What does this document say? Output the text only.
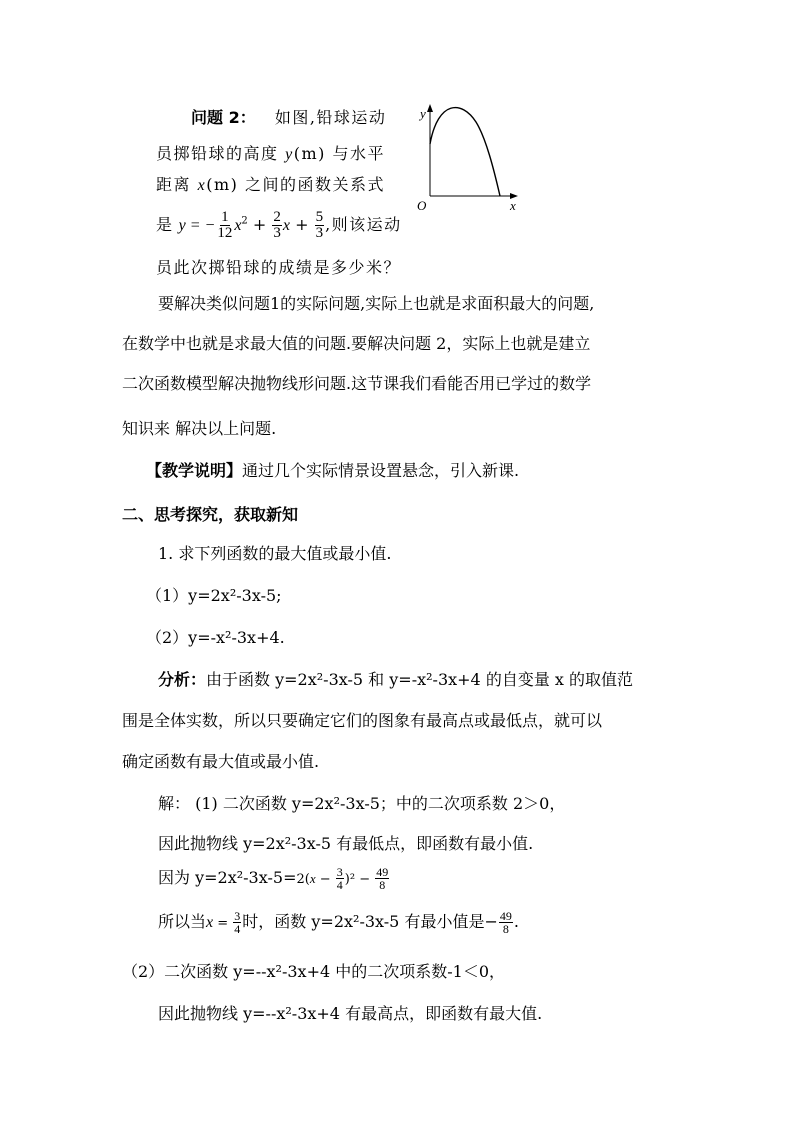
问题 2： 如图,铅球运动
员掷铅球的高度 y(m) 与水平
距离 x(m) 之间的函数关系式
是 y = − $\frac{1}{12} x^2 + \frac{2}{3}$ $x + \frac{5}{3}$ ,则该运动
员此次掷铅球的成绩是多少米？
y
x
O
要解决类似问题1的实际问题,实际上也就是求面积最大的问题,
在数学中也就是求最大值的问题.要解决问题 2，实际上也就是建立
二次函数模型解决抛物线形问题.这节课我们看能否用已学过的数学
知识来 解决以上问题.
【教学说明】通过几个实际情景设置悬念，引入新课.
二、思考探究，获取新知
1. 求下列函数的最大值或最小值.
（1）y=2x²-3x-5;
（2）y=-x²-3x+4.
分析：由于函数 y=2x²-3x-5 和 y=-x²-3x+4 的自变量 x 的取值范
围是全体实数，所以只要确定它们的图象有最高点或最低点，就可以
确定函数有最大值或最小值.
解： (1) 二次函数 y=2x²-3x-5；中的二次项系数 2＞0，
因此抛物线 y=2x²-3x-5 有最低点，即函数有最小值.
因为 $y=2x^2-3x-5=2(x - \frac{3}{4} )^2 - \frac{49}{8}$
所以当$x = \frac{3}{4}$ 时，函数 y=2x²-3x-5 有最小值是− $\frac{49}{8}$ .
（2）二次函数 y=--x²-3x+4 中的二次项系数-1＜0，
因此抛物线 y=--x²-3x+4 有最高点，即函数有最大值.
